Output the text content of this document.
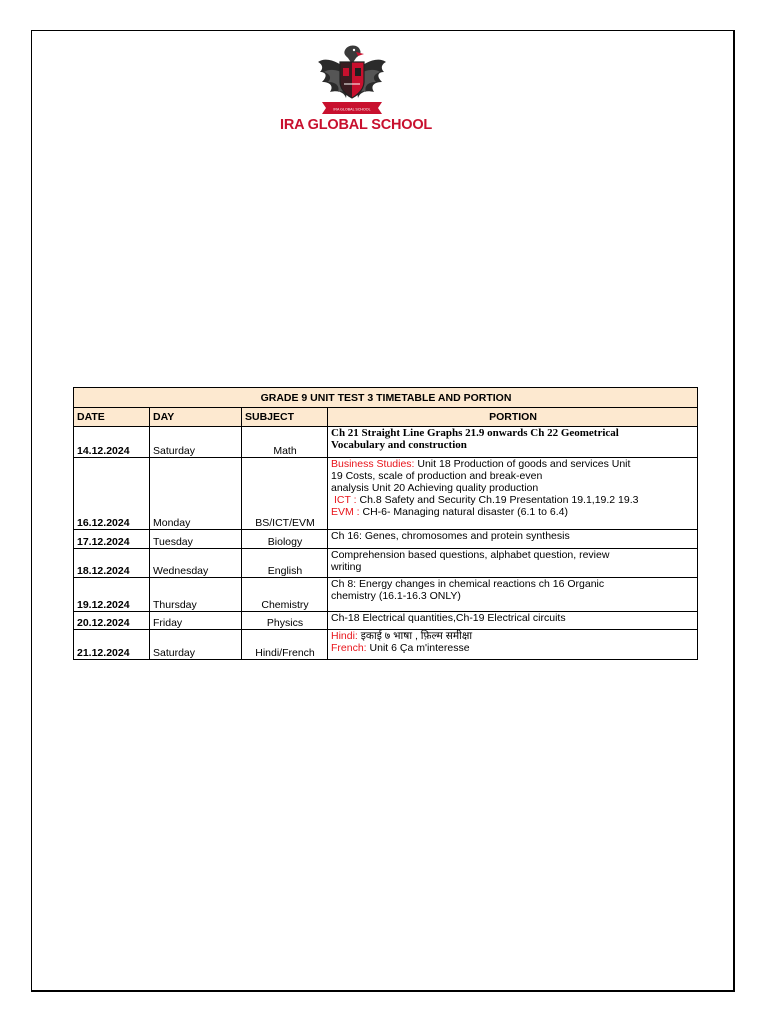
IRA GLOBAL SCHOOL
IRA GLOBAL SCHOOL
GRADE 9 UNIT TEST 3 TIMETABLE AND PORTION			
DATE	DAY	SUBJECT	PORTION
14.12.2024	Saturday	Math	Ch 21 Straight Line Graphs 21.9 onwards Ch 22 Geometrical
Vocabulary and construction

16.12.2024	Monday	BS/ICT/EVM	Business Studies: Unit 18 Production of goods and services Unit
19 Costs, scale of production and break-even
analysis Unit 20 Achieving quality production
ICT : Ch.8 Safety and Security Ch.19 Presentation 19.1,19.2 19.3
EVM : CH-6- Managing natural disaster (6.1 to 6.4)

17.12.2024	Tuesday	Biology	Ch 16: Genes, chromosomes and protein synthesis

18.12.2024	Wednesday	English	Comprehension based questions, alphabet question, review
writing

19.12.2024	Thursday	Chemistry	Ch 8: Energy changes in chemical reactions ch 16 Organic
chemistry (16.1-16.3 ONLY)

20.12.2024	Friday	Physics	Ch-18 Electrical quantities,Ch-19 Electrical circuits

21.12.2024	Saturday	Hindi/French	Hindi: इकाई ७ भाषा , फ़िल्म समीक्षा
French: Unit 6 Ça m'interesse
